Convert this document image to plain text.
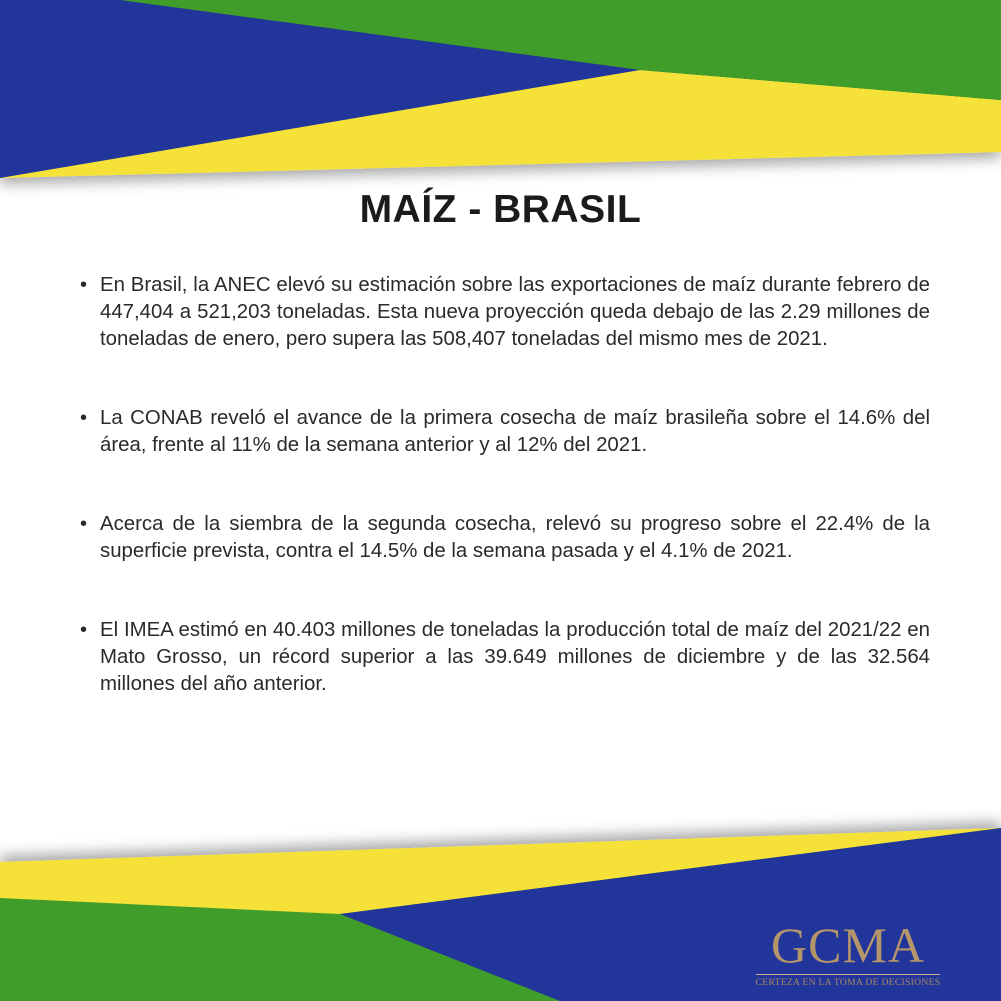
MAÍZ - BRASIL
• En Brasil, la ANEC elevó su estimación sobre las exportaciones de maíz durante febrero de 447,404 a 521,203 toneladas. Esta nueva proyección queda debajo de las 2.29 millones de toneladas de enero, pero supera las 508,407 toneladas del mismo mes de 2021.
• La CONAB reveló el avance de la primera cosecha de maíz brasileña sobre el 14.6% del área, frente al 11% de la semana anterior y al 12% del 2021.
• Acerca de la siembra de la segunda cosecha, relevó su progreso sobre el 22.4% de la superficie prevista, contra el 14.5% de la semana pasada y el 4.1% de 2021.
• El IMEA estimó en 40.403 millones de toneladas la producción total de maíz del 2021/22 en Mato Grosso, un récord superior a las 39.649 millones de diciembre y de las 32.564 millones del año anterior.
GCMA
CERTEZA EN LA TOMA DE DECISIONES
